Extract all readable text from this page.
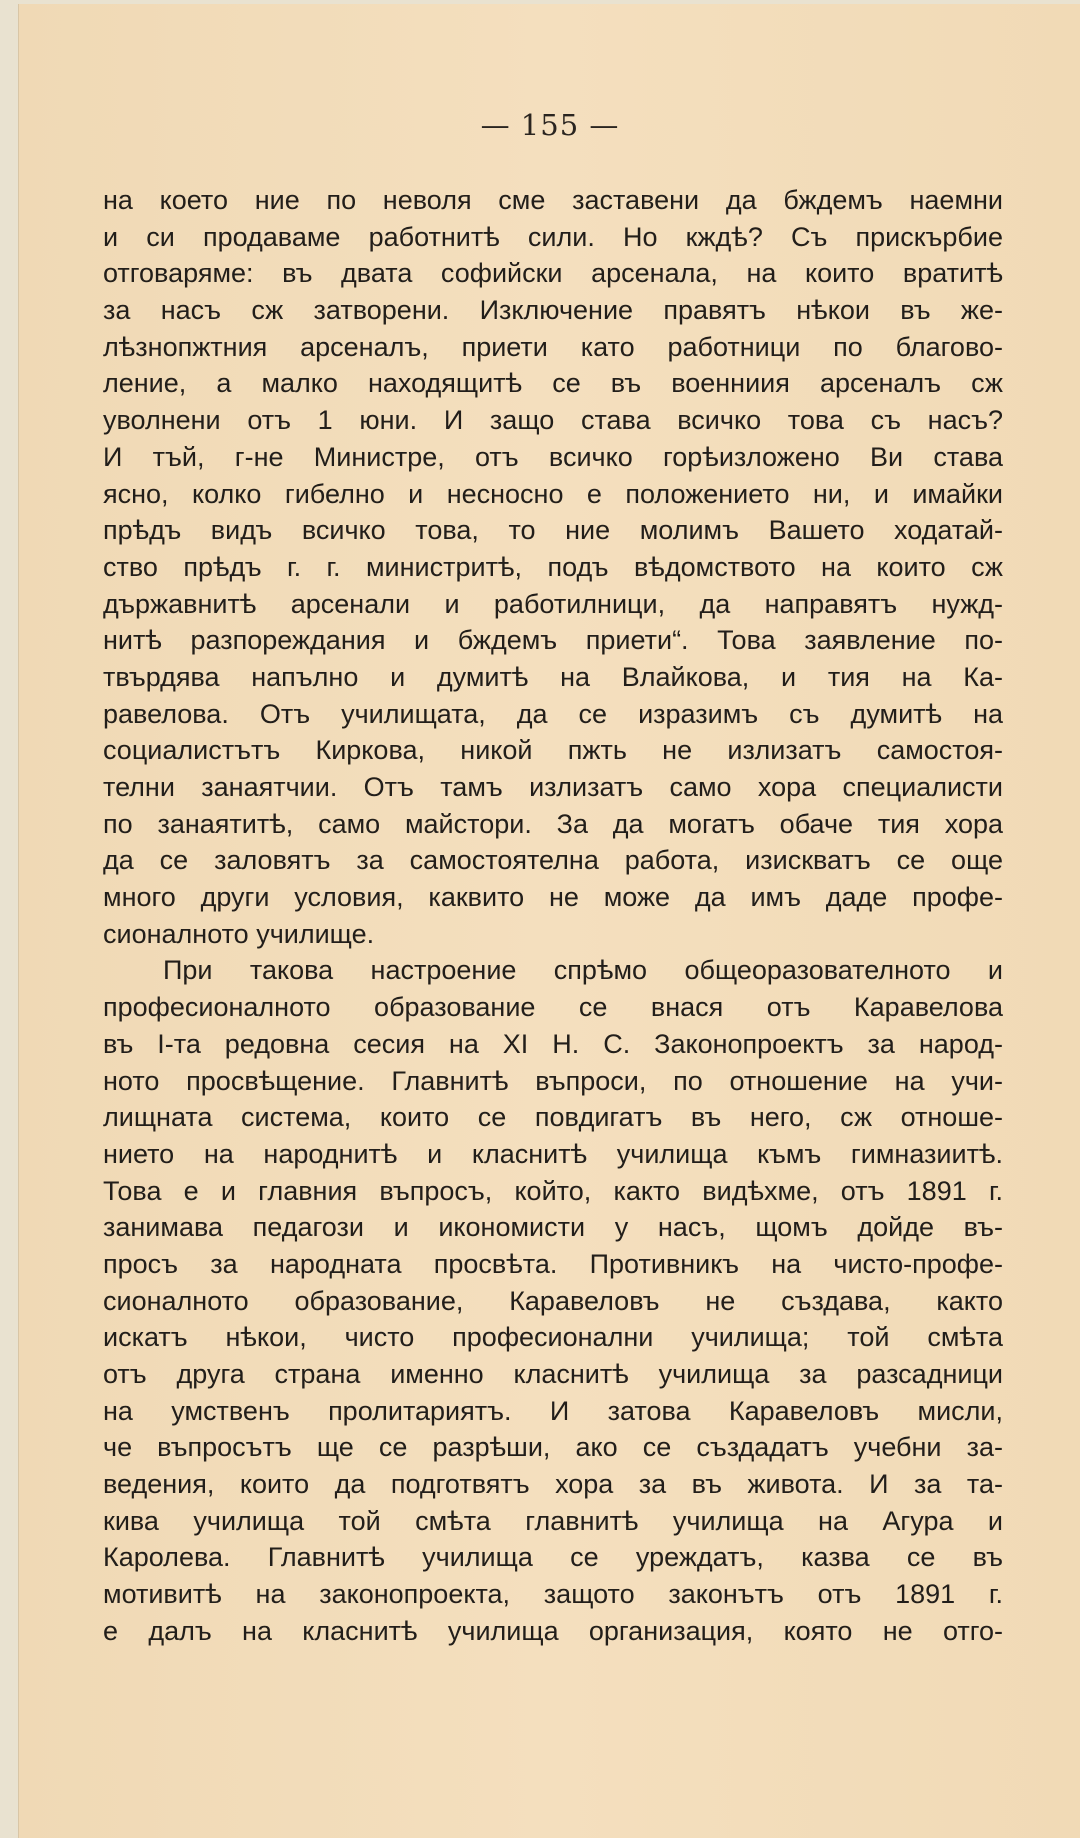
— 155 —
на което ние по неволя сме заставени да бждемъ наемни
и си продаваме работнитѣ сили. Но кждѣ? Съ прискърбие
отговаряме: въ двата софийски арсенала, на които вратитѣ
за насъ сж затворени. Изключение правятъ нѣкои въ же-
лѣзнопжтния арсеналъ, приети като работници по благово-
ление, а малко находящитѣ се въ военниия арсеналъ сж
уволнени отъ 1 юни. И защо става всичко това съ насъ?
И тъй, г-не Министре, отъ всичко горѣизложено Ви става
ясно, колко гибелно и несносно е положението ни, и имайки
прѣдъ видъ всичко това, то ние молимъ Вашето ходатай-
ство прѣдъ г. г. министритѣ, подъ вѣдомството на които сж
държавнитѣ арсенали и работилници, да направятъ нужд-
нитѣ разпореждания и бждемъ приети“. Това заявление по-
твърдява напълно и думитѣ на Влайкова, и тия на Ка-
равелова. Отъ училищата, да се изразимъ съ думитѣ на
социалистътъ Киркова, никой пжть не излизатъ самостоя-
телни занаятчии. Отъ тамъ излизатъ само хора специалисти
по занаятитѣ, само майстори. За да могатъ обаче тия хора
да се заловятъ за самостоятелна работа, изискватъ се още
много други условия, каквито не може да имъ даде профе-
сионалното училище.
При такова настроение спрѣмо общеоразователното и
професионалното образование се внася отъ Каравелова
въ I-та редовна сесия на XI Н. С. Законопроектъ за народ-
ното просвѣщение. Главнитѣ въпроси, по отношение на учи-
лищната система, които се повдигатъ въ него, сж отноше-
нието на народнитѣ и класнитѣ училища къмъ гимназиитѣ.
Това е и главния въпросъ, който, както видѣхме, отъ 1891 г.
занимава педагози и икономисти у насъ, щомъ дойде въ-
просъ за народната просвѣта. Противникъ на чисто-профе-
сионалното образование, Каравеловъ не създава, както
искатъ нѣкои, чисто професионални училища; той смѣта
отъ друга страна именно класнитѣ училища за разсадници
на умственъ пролитариятъ. И затова Каравеловъ мисли,
че въпросътъ ще се разрѣши, ако се създадатъ учебни за-
ведения, които да подготвятъ хора за въ живота. И за та-
кива училища той смѣта главнитѣ училища на Агура и
Каролева. Главнитѣ училища се уреждатъ, казва се въ
мотивитѣ на законопроекта, защото законътъ отъ 1891 г.
е далъ на класнитѣ училища организация, която не отго-
